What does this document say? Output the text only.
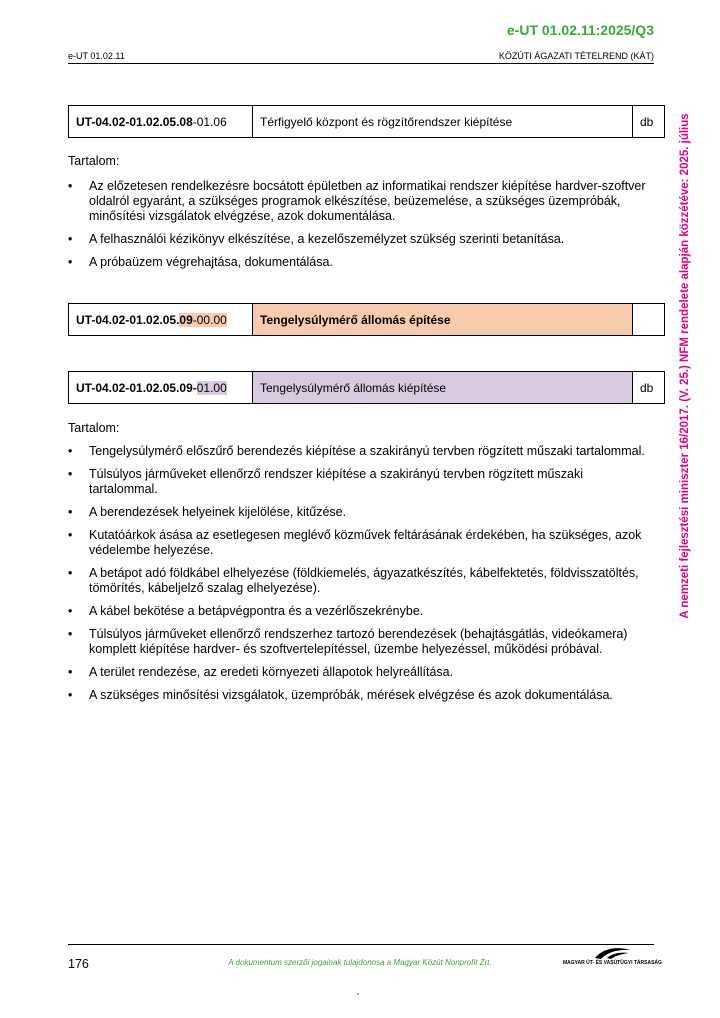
e-UT 01.02.11:2025/Q3
e-UT 01.02.11	KÖZÚTI ÁGAZATI TÉTELREND (KÁT)
A nemzeti fejlesztési miniszter 16/2017. (V. 25.) NFM rendelete alapján közzétéve: 2025. július
UT-04.02-01.02.05.08-01.06	Térfigyelő központ és rögzítőrendszer kiépítése	db
Tartalom:
• Az előzetesen rendelkezésre bocsátott épületben az informatikai rendszer kiépítése hardver-szoftver oldalról egyaránt, a szükséges programok elkészítése, beüzemelése, a szükséges üzemprόbák, minősítési vizsgálatok elvégzése, azok dokumentálása.
• A felhasználói kézikönyv elkészítése, a kezelőszemélyzet szükség szerinti betanítása.
• A próbaüzem végrehajtása, dokumentálása.
UT-04.02-01.02.05.09-00.00	Tengelysúlymérő állomás építése	
UT-04.02-01.02.05.09-01.00	Tengelysúlymérő állomás kiépítése	db
Tartalom:
• Tengelysúlymérő előszűrő berendezés kiépítése a szakirányú tervben rögzített műszaki tartalommal.
• Túlsúlyos járműveket ellenőrző rendszer kiépítése a szakirányú tervben rögzített műszaki tartalommal.
• A berendezések helyeinek kijelölése, kitűzése.
• Kutatóárkok ásása az esetlegesen meglévő közművek feltárásának érdekében, ha szükséges, azok védelembe helyezése.
• A betápot adó földkábel elhelyezése (földkiemelés, ágyazatkészítés, kábelfektetés, földvisszatöltés, tömörítés, kábeljelző szalag elhelyezése).
• A kábel bekötése a betápvégpontra és a vezérlőszekrénybe.
• Túlsúlyos járműveket ellenőrző rendszerhez tartozó berendezések (behajtásgátlás, videókamera) komplett kiépítése hardver- és szoftvertelepítéssel, üzembe helyezéssel, működési próbával.
• A terület rendezése, az eredeti környezeti állapotok helyreállítása.
• A szükséges minősítési vizsgálatok, üzemprόbák, mérések elvégzése és azok dokumentálása.
176	A dokumentum szerzői jogainak tulajdonosa a Magyar Közút Nonprofit Zrt.	MAGYAR ÚT- ÉS VASÚTÜGYI TÁRSASÁG
